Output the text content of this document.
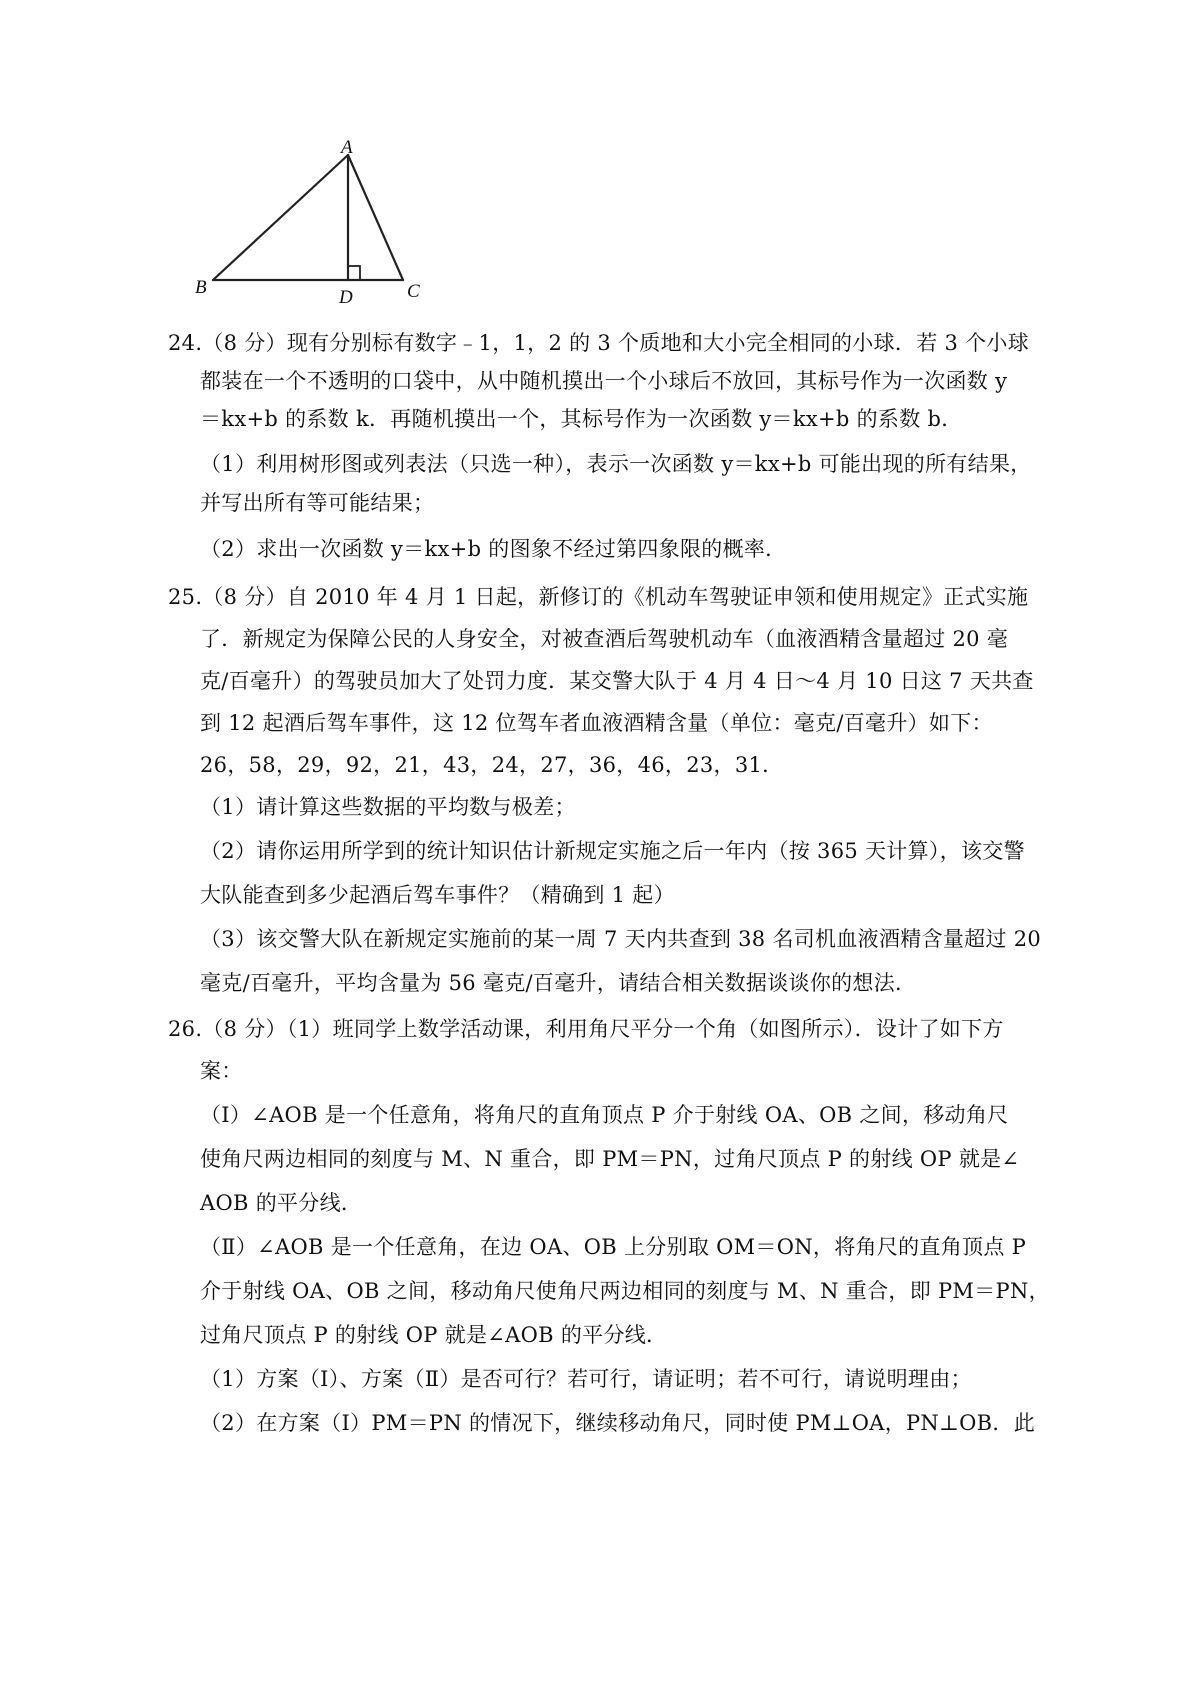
A
B	C
D
24.（8 分）现有分别标有数字﹣1，1，2 的 3 个质地和大小完全相同的小球．若 3 个小球
都装在一个不透明的口袋中，从中随机摸出一个小球后不放回，其标号作为一次函数 y
＝kx+b 的系数 k．再随机摸出一个，其标号作为一次函数 y＝kx+b 的系数 b．
（1）利用树形图或列表法（只选一种），表示一次函数 y＝kx+b 可能出现的所有结果，
并写出所有等可能结果；
（2）求出一次函数 y＝kx+b 的图象不经过第四象限的概率．
25.（8 分）自 2010 年 4 月 1 日起，新修订的《机动车驾驶证申领和使用规定》正式实施
了．新规定为保障公民的人身安全，对被查酒后驾驶机动车（血液酒精含量超过 20 毫
克/百毫升）的驾驶员加大了处罚力度．某交警大队于 4 月 4 日～4 月 10 日这 7 天共查
到 12 起酒后驾车事件，这 12 位驾车者血液酒精含量（单位：毫克/百毫升）如下：
26，58，29，92，21，43，24，27，36，46，23，31．
（1）请计算这些数据的平均数与极差；
（2）请你运用所学到的统计知识估计新规定实施之后一年内（按 365 天计算），该交警
大队能查到多少起酒后驾车事件？（精确到 1 起）
（3）该交警大队在新规定实施前的某一周 7 天内共查到 38 名司机血液酒精含量超过 20
毫克/百毫升，平均含量为 56 毫克/百毫升，请结合相关数据谈谈你的想法．
26.（8 分）（1）班同学上数学活动课，利用角尺平分一个角（如图所示）．设计了如下方
案：
（Ⅰ）∠AOB 是一个任意角，将角尺的直角顶点 P 介于射线 OA、OB 之间，移动角尺
使角尺两边相同的刻度与 M、N 重合，即 PM＝PN，过角尺顶点 P 的射线 OP 就是∠
AOB 的平分线．
（Ⅱ）∠AOB 是一个任意角，在边 OA、OB 上分别取 OM＝ON，将角尺的直角顶点 P
介于射线 OA、OB 之间，移动角尺使角尺两边相同的刻度与 M、N 重合，即 PM＝PN，
过角尺顶点 P 的射线 OP 就是∠AOB 的平分线．
（1）方案（Ⅰ）、方案（Ⅱ）是否可行？若可行，请证明；若不可行，请说明理由；
（2）在方案（Ⅰ）PM＝PN 的情况下，继续移动角尺，同时使 PM⊥OA，PN⊥OB．此
